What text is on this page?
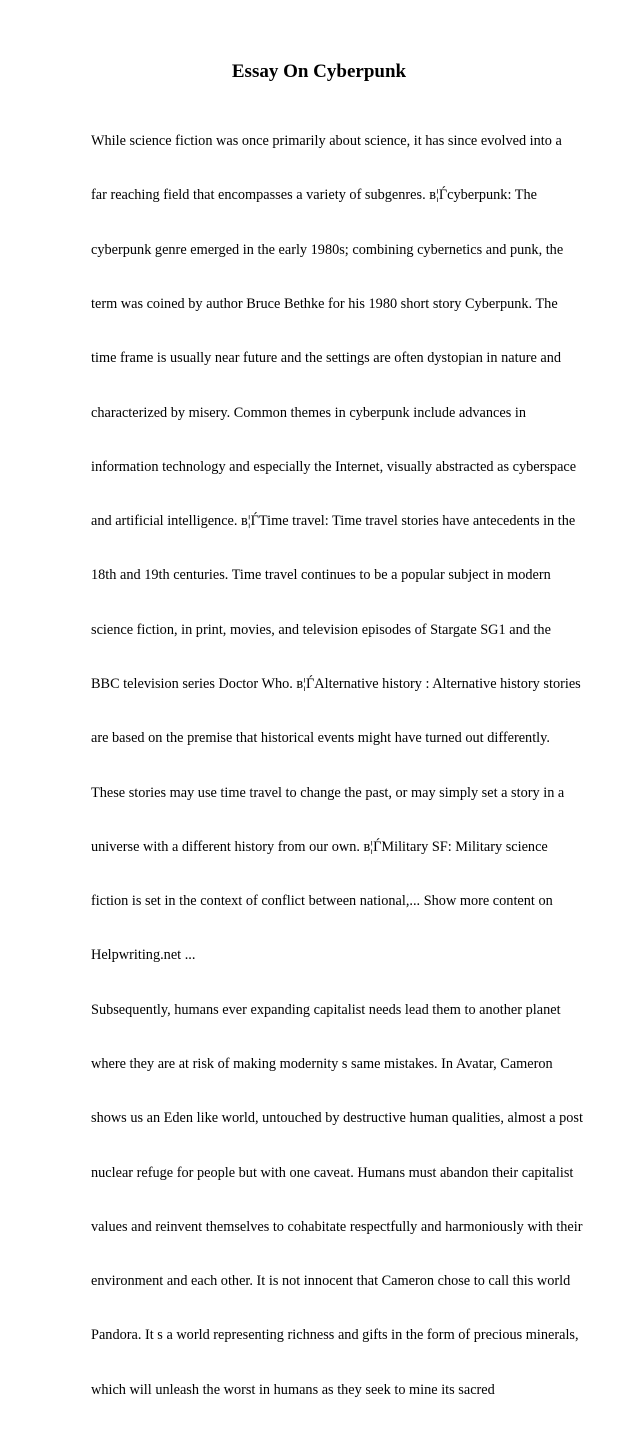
Essay On Cyberpunk

While science fiction was once primarily about science, it has since evolved into a

far reaching field that encompasses a variety of subgenres. в¦Ѓcyberpunk: The

cyberpunk genre emerged in the early 1980s; combining cybernetics and punk, the

term was coined by author Bruce Bethke for his 1980 short story Cyberpunk. The

time frame is usually near future and the settings are often dystopian in nature and

characterized by misery. Common themes in cyberpunk include advances in

information technology and especially the Internet, visually abstracted as cyberspace

and artificial intelligence. в¦ЃTime travel: Time travel stories have antecedents in the

18th and 19th centuries. Time travel continues to be a popular subject in modern

science fiction, in print, movies, and television episodes of Stargate SG1 and the

BBC television series Doctor Who. в¦ЃAlternative history : Alternative history stories

are based on the premise that historical events might have turned out differently.

These stories may use time travel to change the past, or may simply set a story in a

universe with a different history from our own. в¦ЃMilitary SF: Military science

fiction is set in the context of conflict between national,... Show more content on

Helpwriting.net ...

Subsequently, humans ever expanding capitalist needs lead them to another planet

where they are at risk of making modernity s same mistakes. In Avatar, Cameron

shows us an Eden like world, untouched by destructive human qualities, almost a post

nuclear refuge for people but with one caveat. Humans must abandon their capitalist

values and reinvent themselves to cohabitate respectfully and harmoniously with their

environment and each other. It is not innocent that Cameron chose to call this world

Pandora. It s a world representing richness and gifts in the form of precious minerals,

which will unleash the worst in humans as they seek to mine its sacred
